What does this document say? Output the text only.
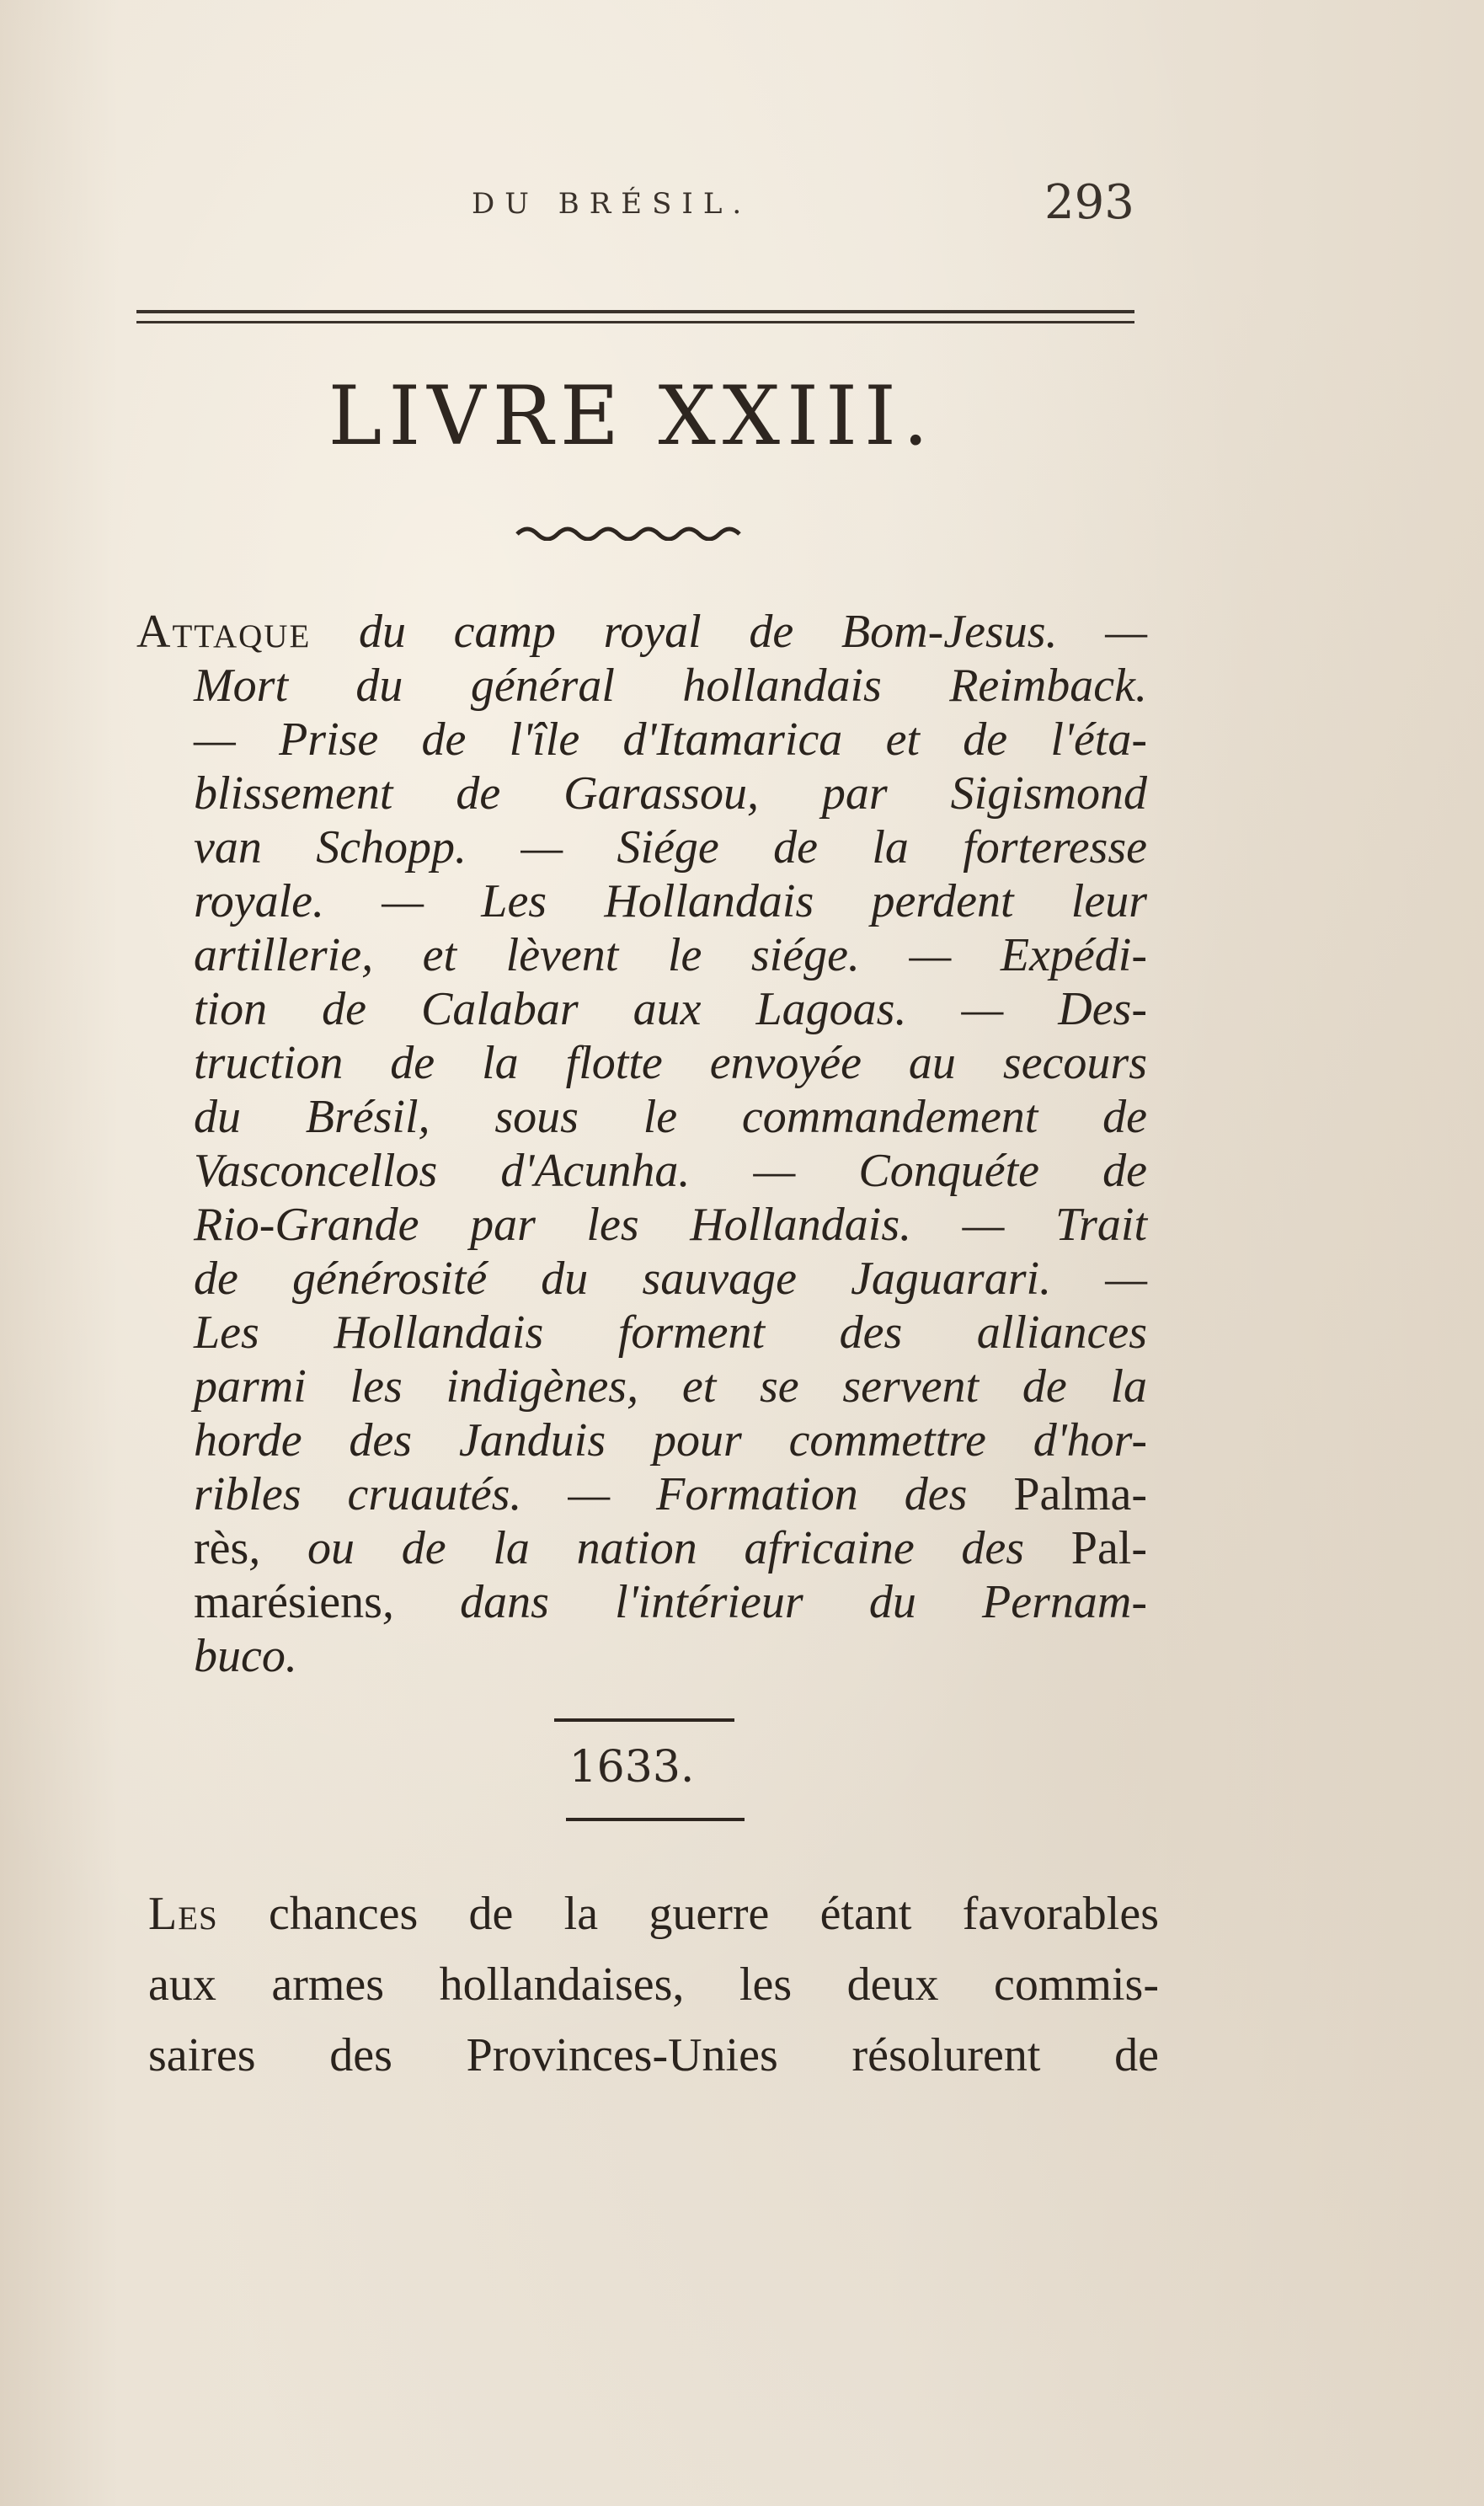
DU BRÉSIL.	293
LIVRE XXIII.
Attaque du camp royal de Bom-Jesus. —
Mort du général hollandais Reimback.
— Prise de l'île d'Itamarica et de l'éta-
blissement de Garassou, par Sigismond
van Schopp. — Siége de la forteresse
royale. — Les Hollandais perdent leur
artillerie, et lèvent le siége. — Expédi-
tion de Calabar aux Lagoas. — Des-
truction de la flotte envoyée au secours
du Brésil, sous le commandement de
Vasconcellos d'Acunha. — Conquéte de
Rio-Grande par les Hollandais. — Trait
de générosité du sauvage Jaguarari. —
Les Hollandais forment des alliances
parmi les indigènes, et se servent de la
horde des Janduis pour commettre d'hor-
ribles cruautés. — Formation des Palma-
rès, ou de la nation africaine des Pal-
marésiens, dans l'intérieur du Pernam-
buco.
1633.
Les chances de la guerre étant favorables
aux armes hollandaises, les deux commis-
saires des Provinces-Unies résolurent de
